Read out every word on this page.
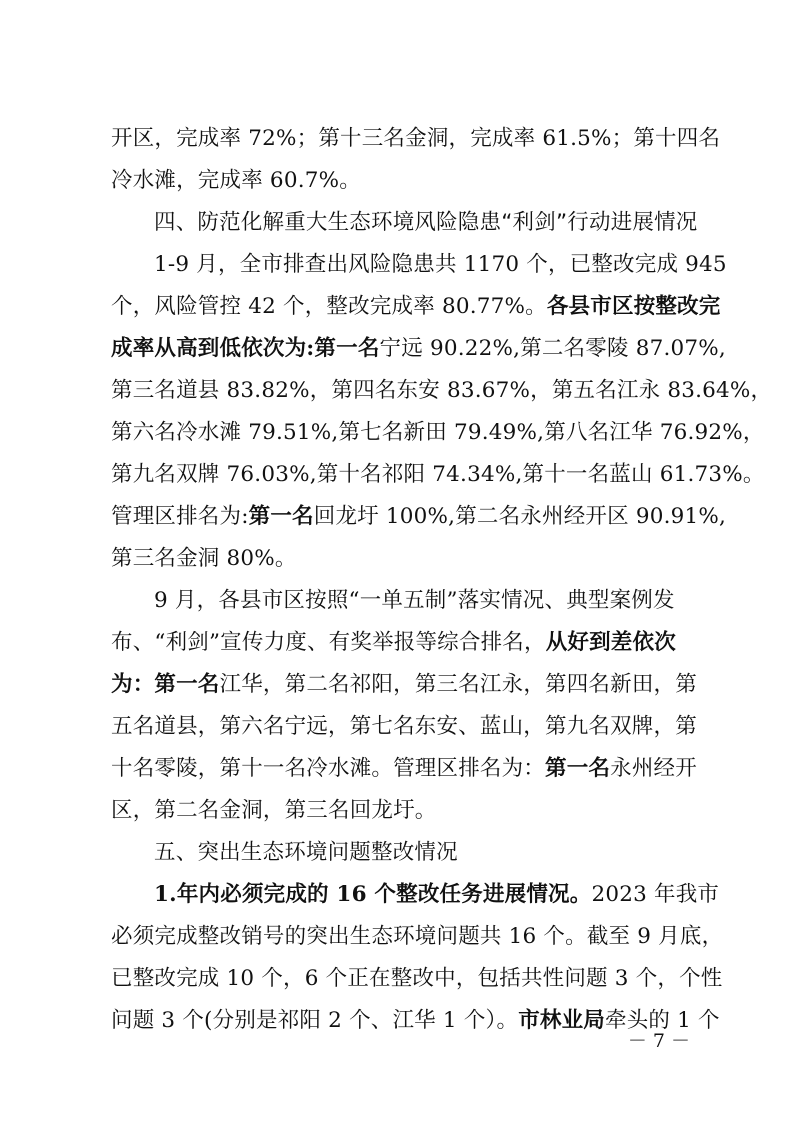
开区，完成率 72%；第十三名金洞，完成率 61.5%；第十四名
冷水滩，完成率 60.7%。
四、防范化解重大生态环境风险隐患“利剑”行动进展情况
1-9 月，全市排查出风险隐患共 1170 个，已整改完成 945
个，风险管控 42 个，整改完成率 80.77%。各县市区按整改完
成率从高到低依次为:第一名宁远 90.22%,第二名零陵 87.07%,
第三名道县 83.82%，第四名东安 83.67%，第五名江永 83.64%，
第六名冷水滩 79.51%,第七名新田 79.49%,第八名江华 76.92%，
第九名双牌 76.03%,第十名祁阳 74.34%,第十一名蓝山 61.73%。
管理区排名为:第一名回龙圩 100%,第二名永州经开区 90.91%,
第三名金洞 80%。
9 月，各县市区按照“一单五制”落实情况、典型案例发
布、“利剑”宣传力度、有奖举报等综合排名，从好到差依次
为：第一名江华，第二名祁阳，第三名江永，第四名新田，第
五名道县，第六名宁远，第七名东安、蓝山，第九名双牌，第
十名零陵，第十一名冷水滩。管理区排名为：第一名永州经开
区，第二名金洞，第三名回龙圩。
五、突出生态环境问题整改情况
1.年内必须完成的 16 个整改任务进展情况。2023 年我市
必须完成整改销号的突出生态环境问题共 16 个。截至 9 月底，
已整改完成 10 个，6 个正在整改中，包括共性问题 3 个，个性
问题 3 个(分别是祁阳 2 个、江华 1 个）。市林业局牵头的 1 个
－ 7 －
